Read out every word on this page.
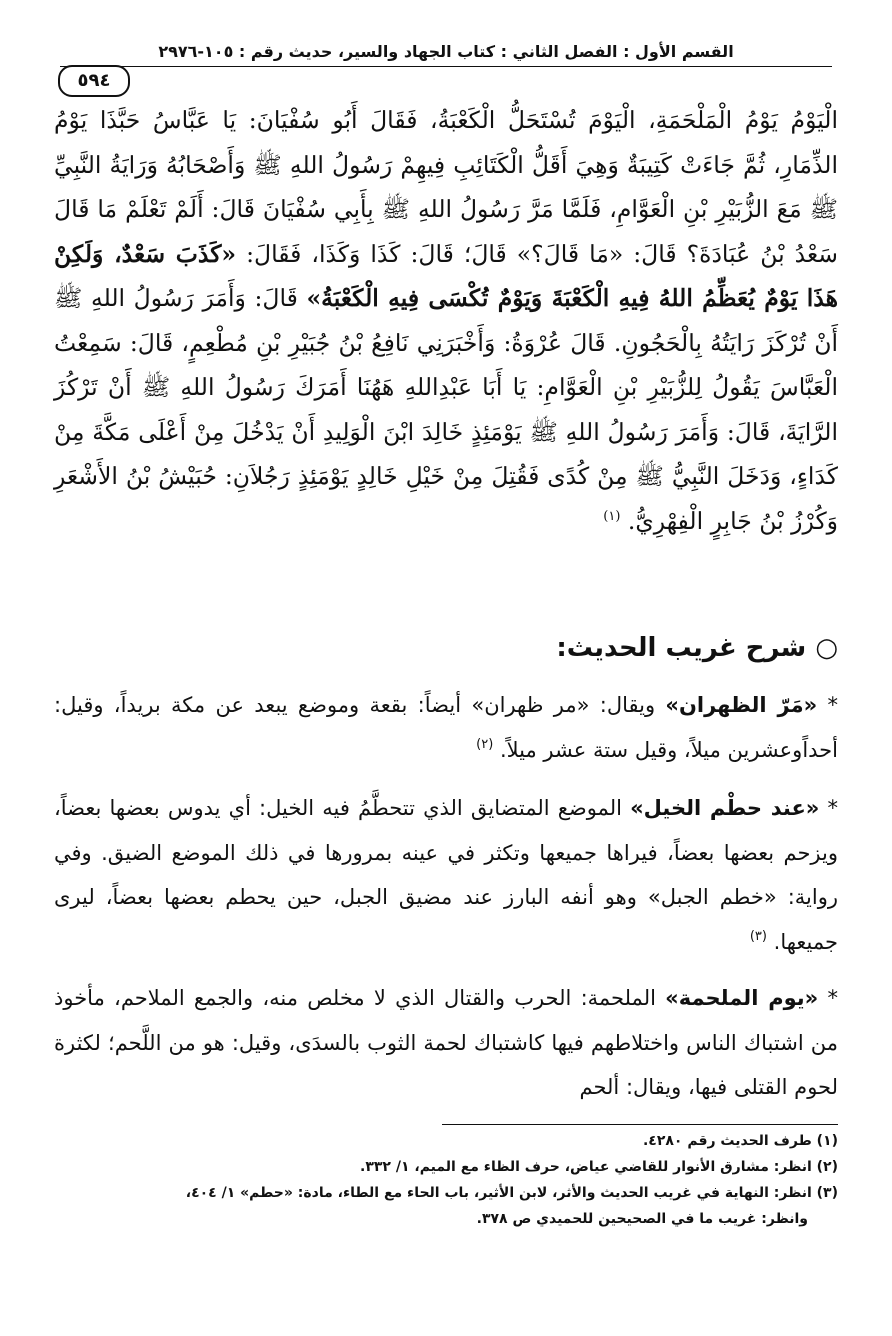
القسم الأول : الفصل الثاني : كتاب الجهاد والسير، حديث رقم : ١٠٥-٢٩٧٦
٥٩٤

الْيَوْمُ يَوْمُ الْمَلْحَمَةِ، الْيَوْمَ تُسْتَحَلُّ الْكَعْبَةُ، فَقَالَ أَبُو سُفْيَانَ: يَا عَبَّاسُ حَبَّذَا يَوْمُ الذِّمَارِ، ثُمَّ جَاءَتْ كَتِيبَةٌ وَهِيَ أَقَلُّ الْكَتَائِبِ فِيهِمْ رَسُولُ اللهِ ﷺ وَأَصْحَابُهُ وَرَايَةُ النَّبِيِّ ﷺ مَعَ الزُّبَيْرِ بْنِ الْعَوَّامِ، فَلَمَّا مَرَّ رَسُولُ اللهِ ﷺ بِأَبِي سُفْيَانَ قَالَ: أَلَمْ تَعْلَمْ مَا قَالَ سَعْدُ بْنُ عُبَادَةَ؟ قَالَ: «مَا قَالَ؟» قَالَ؛ قَالَ: كَذَا وَكَذَا، فَقَالَ: «كَذَبَ سَعْدٌ، وَلَكِنْ هَذَا يَوْمٌ يُعَظِّمُ اللهُ فِيهِ الْكَعْبَةَ وَيَوْمٌ تُكْسَى فِيهِ الْكَعْبَةُ» قَالَ: وَأَمَرَ رَسُولُ اللهِ ﷺ أَنْ تُرْكَزَ رَايَتُهُ بِالْحَجُونِ. قَالَ عُرْوَةُ: وَأَخْبَرَنِي نَافِعُ بْنُ جُبَيْرِ بْنِ مُطْعِمٍ، قَالَ: سَمِعْتُ الْعَبَّاسَ يَقُولُ لِلزُّبَيْرِ بْنِ الْعَوَّامِ: يَا أَبَا عَبْدِاللهِ هَهُنَا أَمَرَكَ رَسُولُ اللهِ ﷺ أَنْ تَرْكُزَ الرَّايَةَ، قَالَ: وَأَمَرَ رَسُولُ اللهِ ﷺ يَوْمَئِذٍ خَالِدَ ابْنَ الْوَلِيدِ أَنْ يَدْخُلَ مِنْ أَعْلَى مَكَّةَ مِنْ كَدَاءٍ، وَدَخَلَ النَّبِيُّ ﷺ مِنْ كُدًى فَقُتِلَ مِنْ خَيْلِ خَالِدٍ يَوْمَئِذٍ رَجُلاَنِ: حُبَيْشُ بْنُ الأَشْعَرِ وَكُرْزُ بْنُ جَابِرٍ الْفِهْرِيُّ. $^{(١)}$

○ شرح غريب الحديث:

* «مَرّ الظهران» ويقال: «مر ظهران» أيضاً: بقعة وموضع يبعد عن مكة بريداً، وقيل: أحداًوعشرين ميلاً، وقيل ستة عشر ميلاً. $^{(٢)}$

* «عند حطْم الخيل» الموضع المتضايق الذي تتحطَّمُ فيه الخيل: أي يدوس بعضها بعضاً، ويزحم بعضها بعضاً، فيراها جميعها وتكثر في عينه بمرورها في ذلك الموضع الضيق. وفي رواية: «خطم الجبل» وهو أنفه البارز عند مضيق الجبل، حين يحطم بعضها بعضاً، ليرى جميعها. $^{(٣)}$

* «يوم الملحمة» الملحمة: الحرب والقتال الذي لا مخلص منه، والجمع الملاحم، مأخوذ من اشتباك الناس واختلاطهم فيها كاشتباك لحمة الثوب بالسدَى، وقيل: هو من اللَّحم؛ لكثرة لحوم القتلى فيها، ويقال: ألحم

(١) طرف الحديث رقم ٤٢٨٠.

(٢) انظر: مشارق الأنوار للقاضي عياض، حرف الظاء مع الميم، ١/ ٣٣٢.

(٣) انظر: النهاية في غريب الحديث والأثر، لابن الأثير، باب الحاء مع الطاء، مادة: «حطم» ١/ ٤٠٤،

وانظر: غريب ما في الصحيحين للحميدي ص ٣٧٨.
